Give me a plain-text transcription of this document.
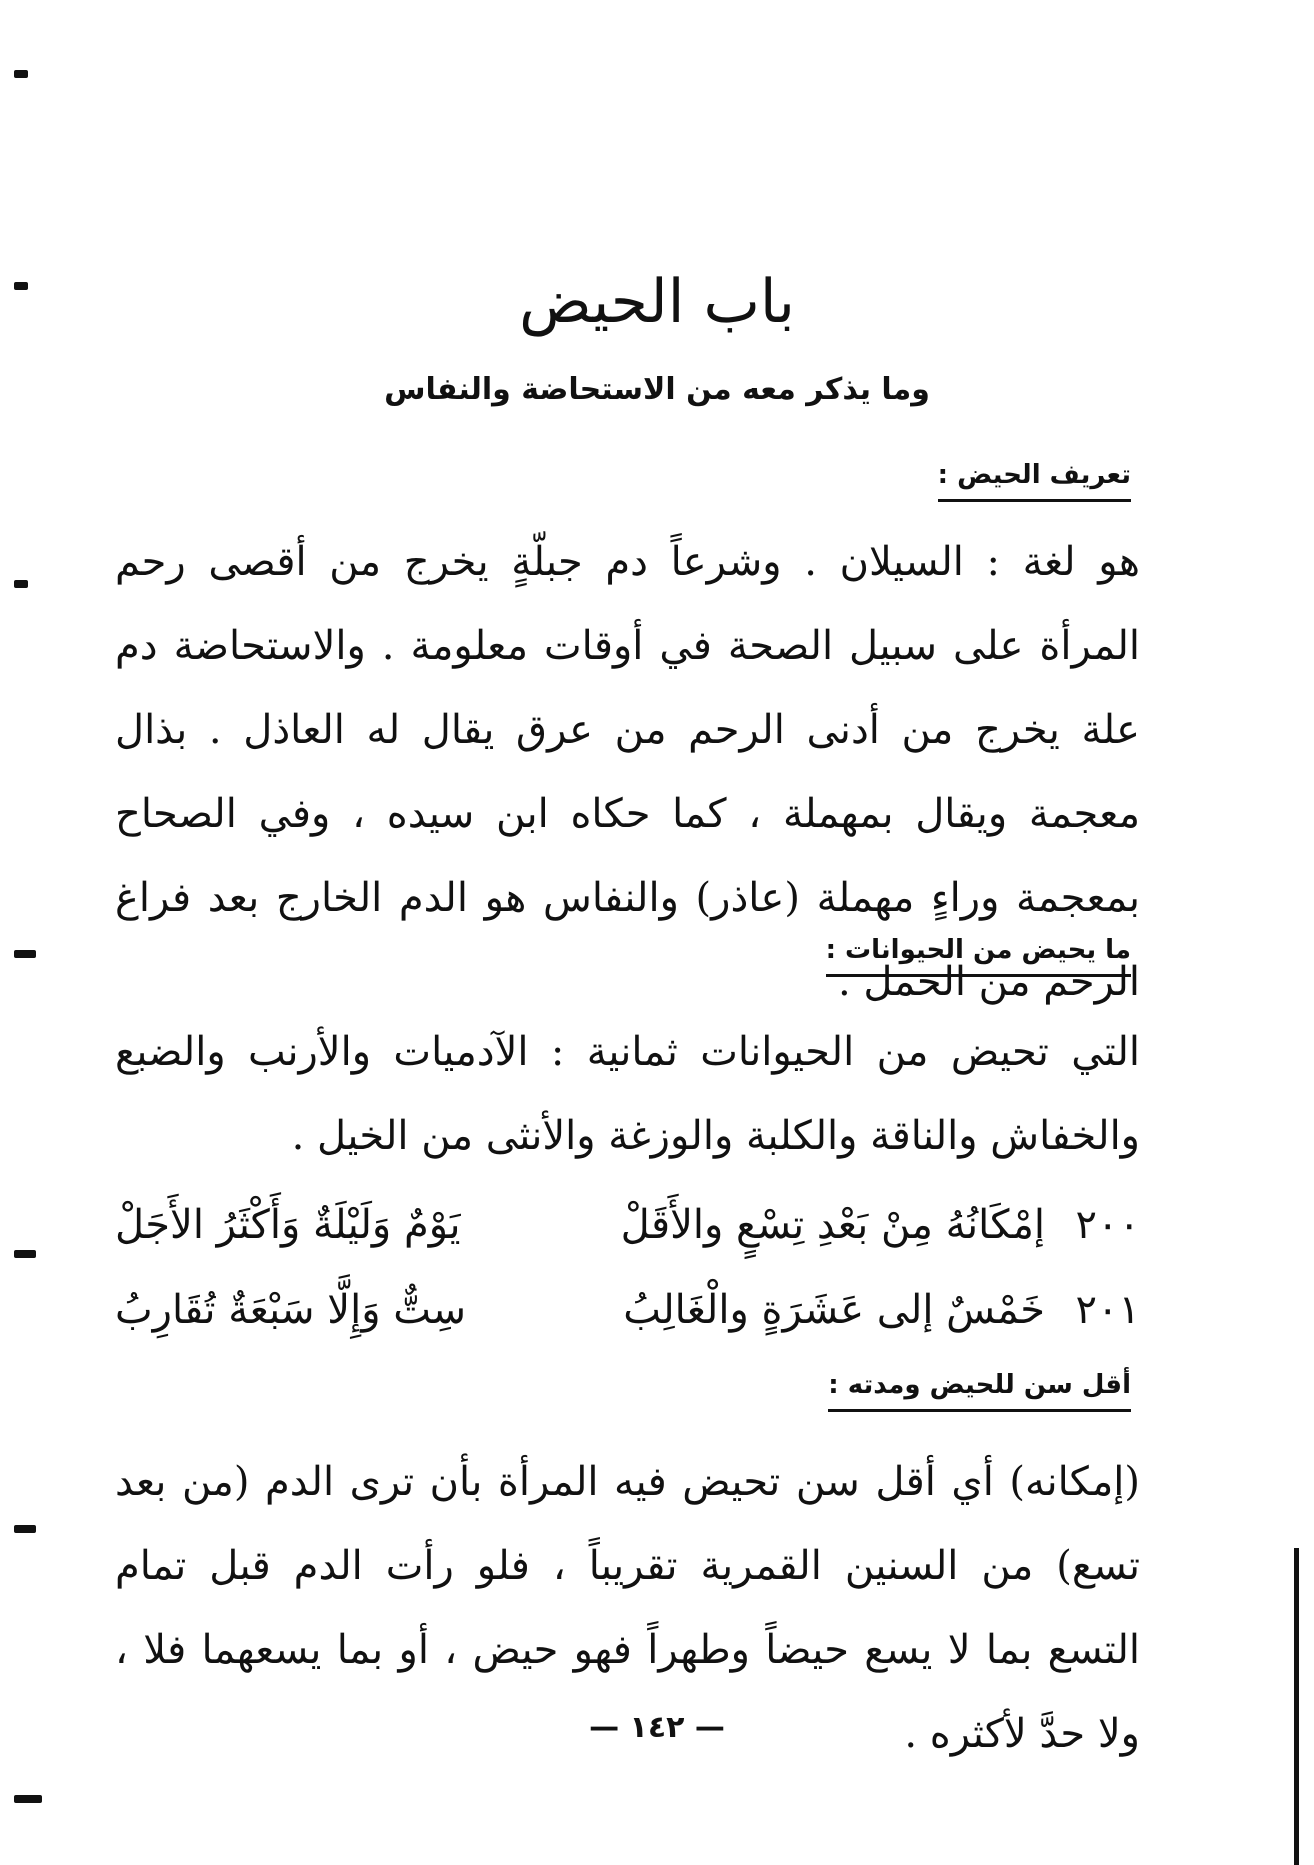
باب الحيض
وما يذكر معه من الاستحاضة والنفاس
تعريف الحيض :
هو لغة : السيلان . وشرعاً دم جبلّةٍ يخرج من أقصى رحم المرأة على سبيل الصحة في أوقات معلومة . والاستحاضة دم علة يخرج من أدنى الرحم من عرق يقال له العاذل . بذال معجمة ويقال بمهملة ، كما حكاه ابن سيده ، وفي الصحاح بمعجمة وراءٍ مهملة (عاذر) والنفاس هو الدم الخارج بعد فراغ الرحم من الحمل .
ما يحيض من الحيوانات :
التي تحيض من الحيوانات ثمانية : الآدميات والأرنب والضبع والخفاش والناقة والكلبة والوزغة والأنثى من الخيل .
٢٠٠
إمْكَانُهُ مِنْ بَعْدِ تِسْعٍ والأَقَلْ
يَوْمٌ وَلَيْلَةٌ وَأَكْثَرُ الأَجَلْ
٢٠١
خَمْسٌ إلى عَشَرَةٍ والْغَالِبُ
سِتٌّ وَإِلَّا سَبْعَةٌ تُقَارِبُ
أقل سن للحيض ومدته :
(إمكانه) أي أقل سن تحيض فيه المرأة بأن ترى الدم (من بعد تسع) من السنين القمرية تقريباً ، فلو رأت الدم قبل تمام التسع بما لا يسع حيضاً وطهراً فهو حيض ، أو بما يسعهما فلا ، ولا حدَّ لأكثره .
— ١٤٢ —
